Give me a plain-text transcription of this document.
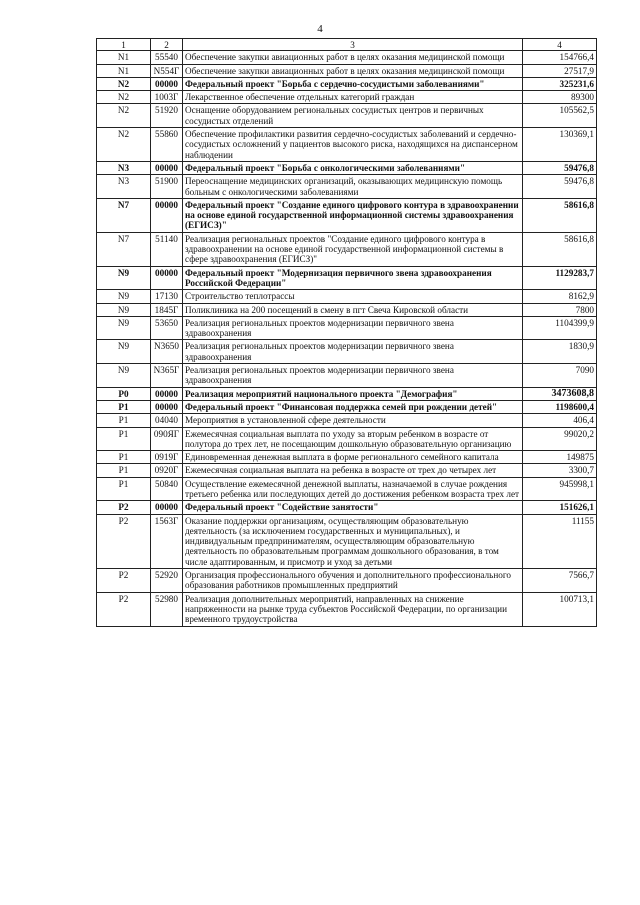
4
1	2	3	4
N1	55540	Обеспечение закупки авиационных работ в целях оказания медицинской помощи	154766,4
N1	N554Г	Обеспечение закупки авиационных работ в целях оказания медицинской помощи	27517,9
N2	00000	Федеральный проект "Борьба с сердечно-сосудистыми заболеваниями"	325231,6
N2	1003Г	Лекарственное обеспечение отдельных категорий граждан	89300
N2	51920	Оснащение оборудованием региональных сосудистых центров и первичных сосудистых отделений	105562,5
N2	55860	Обеспечение профилактики развития сердечно-сосудистых заболеваний и сердечно-сосудистых осложнений у пациентов высокого риска, находящихся на диспансерном наблюдении	130369,1
N3	00000	Федеральный проект "Борьба с онкологическими заболеваниями"	59476,8
N3	51900	Переоснащение медицинских организаций, оказывающих медицинскую помощь больным с онкологическими заболеваниями	59476,8
N7	00000	Федеральный проект "Создание единого цифрового контура в здравоохранении на основе единой государственной информационной системы здравоохранения (ЕГИСЗ)"	58616,8
N7	51140	Реализация региональных проектов "Создание единого цифрового контура в здравоохранении на основе единой государственной информационной системы в сфере здравоохранения (ЕГИСЗ)"	58616,8
N9	00000	Федеральный проект "Модернизация первичного звена здравоохранения Российской Федерации"	1129283,7
N9	17130	Строительство теплотрассы	8162,9
N9	1845Г	Поликлиника на 200 посещений в смену в пгт Свеча Кировской области	7800
N9	53650	Реализация региональных проектов модернизации первичного звена здравоохранения	1104399,9
N9	N3650	Реализация региональных проектов модернизации первичного звена здравоохранения	1830,9
N9	N365Г	Реализация региональных проектов модернизации первичного звена здравоохранения	7090
P0	00000	Реализация мероприятий национального проекта "Демография"	3473608,8
P1	00000	Федеральный проект "Финансовая поддержка семей при рождении детей"	1198600,4
P1	04040	Мероприятия в установленной сфере деятельности	406,4
P1	090ЯГ	Ежемесячная социальная выплата по уходу за вторым ребенком в возрасте от полутора до трех лет, не посещающим дошкольную образовательную организацию	99020,2
P1	0919Г	Единовременная денежная выплата в форме регионального семейного капитала	149875
P1	0920Г	Ежемесячная социальная выплата на ребенка в возрасте от трех до четырех лет	3300,7
P1	50840	Осуществление ежемесячной денежной выплаты, назначаемой в случае рождения третьего ребенка или последующих детей до достижения ребенком возраста трех лет	945998,1
P2	00000	Федеральный проект "Содействие занятости"	151626,1
P2	1563Г	Оказание поддержки организациям, осуществляющим образовательную деятельность (за исключением государственных и муниципальных), и индивидуальным предпринимателям, осуществляющим образовательную деятельность по образовательным программам дошкольного образования, в том числе адаптированным, и присмотр и уход за детьми	11155
P2	52920	Организация профессионального обучения и дополнительного профессионального образования работников промышленных предприятий	7566,7
P2	52980	Реализация дополнительных мероприятий, направленных на снижение напряженности на рынке труда субъектов Российской Федерации, по организации временного трудоустройства	100713,1
